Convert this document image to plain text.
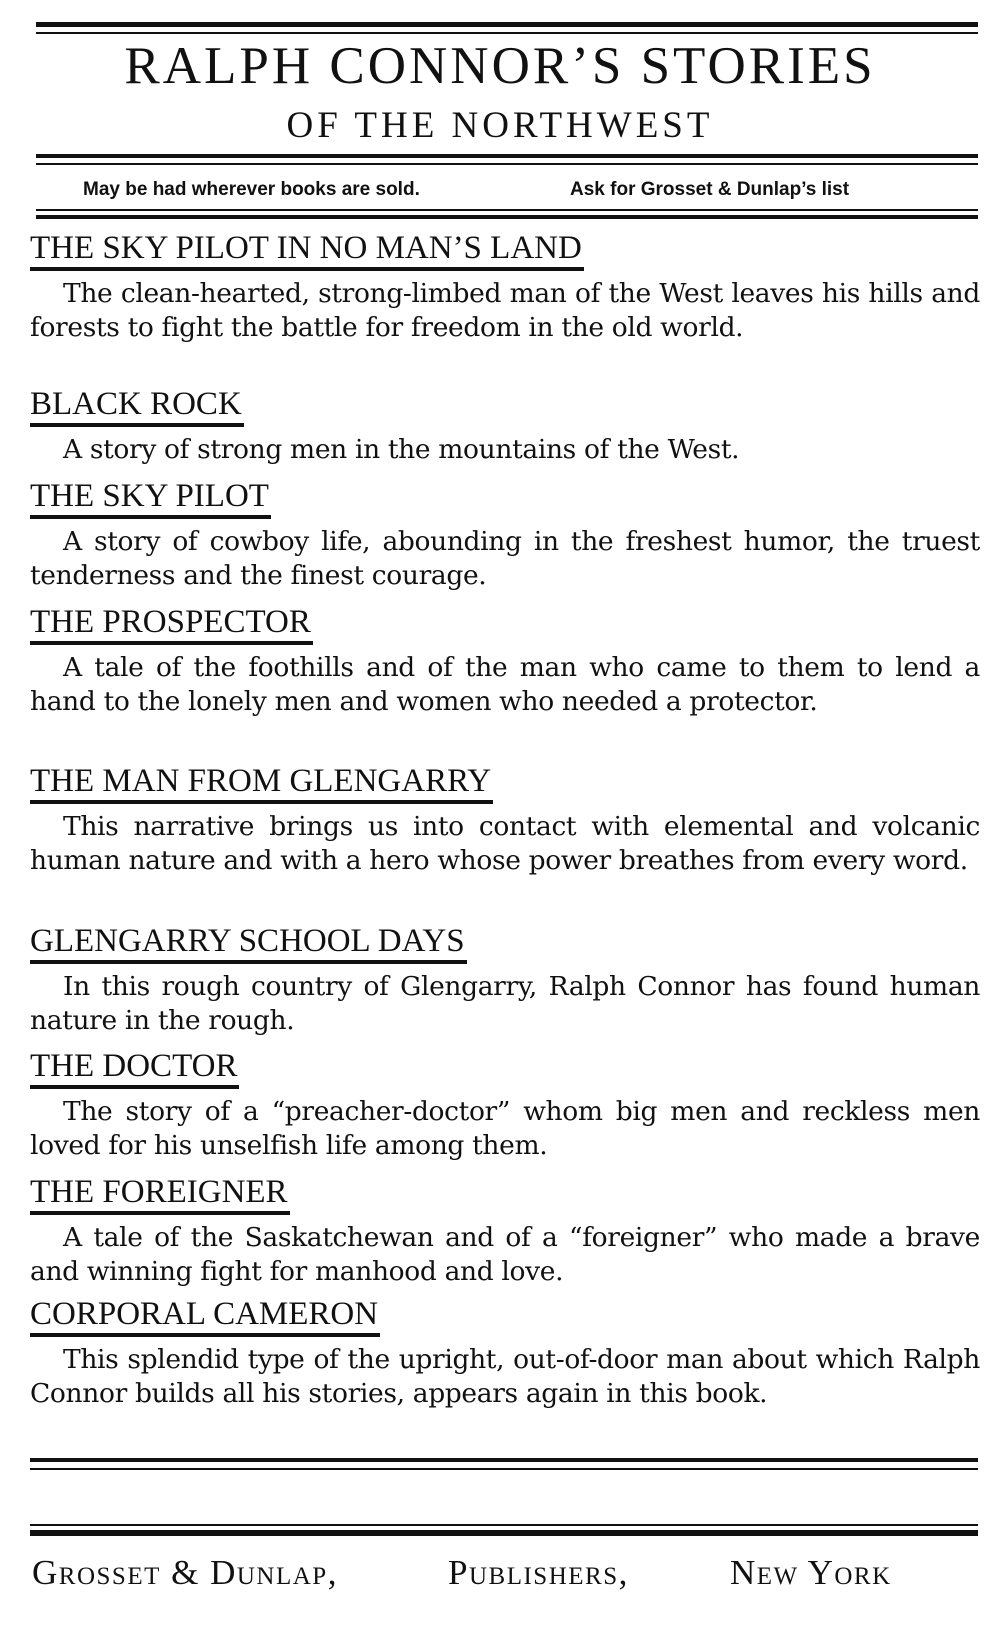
RALPH CONNOR’S STORIES
OF THE NORTHWEST
May be had wherever books are sold.	Ask for Grosset & Dunlap’s list
THE SKY PILOT IN NO MAN’S LAND

The clean-hearted, strong-limbed man of the West leaves his hills and forests to fight the battle for freedom in the old world.

BLACK ROCK

A story of strong men in the mountains of the West.

THE SKY PILOT

A story of cowboy life, abounding in the freshest humor, the truest tenderness and the finest courage.

THE PROSPECTOR

A tale of the foothills and of the man who came to them to lend a hand to the lonely men and women who needed a protector.

THE MAN FROM GLENGARRY

This narrative brings us into contact with elemental and volcanic human nature and with a hero whose power breathes from every word.

GLENGARRY SCHOOL DAYS

In this rough country of Glengarry, Ralph Connor has found human nature in the rough.

THE DOCTOR

The story of a “preacher-doctor” whom big men and reckless men loved for his unselfish life among them.

THE FOREIGNER

A tale of the Saskatchewan and of a “foreigner” who made a brave and winning fight for manhood and love.

CORPORAL CAMERON

This splendid type of the upright, out-of-door man about which Ralph Connor builds all his stories, appears again in this book.

Grosset & Dunlap,	Publishers,	New York
